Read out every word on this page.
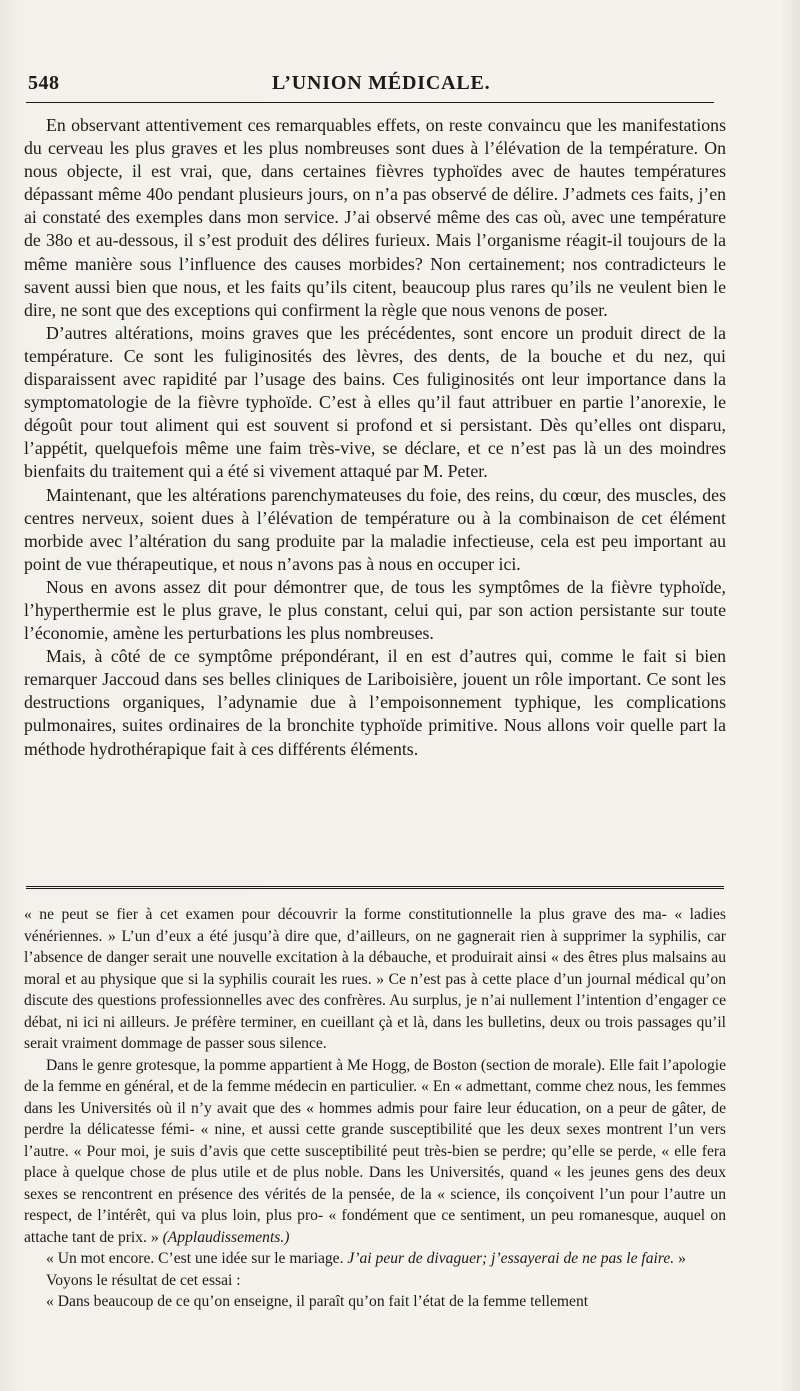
548	L’UNION MÉDICALE.

En observant attentivement ces remarquables effets, on reste convaincu que les manifestations du cerveau les plus graves et les plus nombreuses sont dues à l’élévation de la température. On nous objecte, il est vrai, que, dans certaines fièvres typhoïdes avec de hautes températures dépassant même 40o pendant plusieurs jours, on n’a pas observé de délire. J’admets ces faits, j’en ai constaté des exemples dans mon service. J’ai observé même des cas où, avec une température de 38o et au-dessous, il s’est produit des délires furieux. Mais l’organisme réagit-il toujours de la même manière sous l’influence des causes morbides? Non certainement; nos contradicteurs le savent aussi bien que nous, et les faits qu’ils citent, beaucoup plus rares qu’ils ne veulent bien le dire, ne sont que des exceptions qui confirment la règle que nous venons de poser.

D’autres altérations, moins graves que les précédentes, sont encore un produit direct de la température. Ce sont les fuliginosités des lèvres, des dents, de la bouche et du nez, qui disparaissent avec rapidité par l’usage des bains. Ces fuliginosités ont leur importance dans la symptomatologie de la fièvre typhoïde. C’est à elles qu’il faut attribuer en partie l’anorexie, le dégoût pour tout aliment qui est souvent si profond et si persistant. Dès qu’elles ont disparu, l’appétit, quelquefois même une faim très-vive, se déclare, et ce n’est pas là un des moindres bienfaits du traitement qui a été si vivement attaqué par M. Peter.

Maintenant, que les altérations parenchymateuses du foie, des reins, du cœur, des muscles, des centres nerveux, soient dues à l’élévation de température ou à la combinaison de cet élément morbide avec l’altération du sang produite par la maladie infectieuse, cela est peu important au point de vue thérapeutique, et nous n’avons pas à nous en occuper ici.

Nous en avons assez dit pour démontrer que, de tous les symptômes de la fièvre typhoïde, l’hyperthermie est le plus grave, le plus constant, celui qui, par son action persistante sur toute l’économie, amène les perturbations les plus nombreuses.

Mais, à côté de ce symptôme prépondérant, il en est d’autres qui, comme le fait si bien remarquer Jaccoud dans ses belles cliniques de Lariboisière, jouent un rôle important. Ce sont les destructions organiques, l’adynamie due à l’empoisonnement typhique, les complications pulmonaires, suites ordinaires de la bronchite typhoïde primitive. Nous allons voir quelle part la méthode hydrothérapique fait à ces différents éléments.

« ne peut se fier à cet examen pour découvrir la forme constitutionnelle la plus grave des ma- « ladies vénériennes. » L’un d’eux a été jusqu’à dire que, d’ailleurs, on ne gagnerait rien à supprimer la syphilis, car l’absence de danger serait une nouvelle excitation à la débauche, et produirait ainsi « des êtres plus malsains au moral et au physique que si la syphilis courait les rues. » Ce n’est pas à cette place d’un journal médical qu’on discute des questions professionnelles avec des confrères. Au surplus, je n’ai nullement l’intention d’engager ce débat, ni ici ni ailleurs. Je préfère terminer, en cueillant çà et là, dans les bulletins, deux ou trois passages qu’il serait vraiment dommage de passer sous silence.

Dans le genre grotesque, la pomme appartient à Me Hogg, de Boston (section de morale). Elle fait l’apologie de la femme en général, et de la femme médecin en particulier. « En « admettant, comme chez nous, les femmes dans les Universités où il n’y avait que des « hommes admis pour faire leur éducation, on a peur de gâter, de perdre la délicatesse fémi- « nine, et aussi cette grande susceptibilité que les deux sexes montrent l’un vers l’autre. « Pour moi, je suis d’avis que cette susceptibilité peut très-bien se perdre; qu’elle se perde, « elle fera place à quelque chose de plus utile et de plus noble. Dans les Universités, quand « les jeunes gens des deux sexes se rencontrent en présence des vérités de la pensée, de la « science, ils conçoivent l’un pour l’autre un respect, de l’intérêt, qui va plus loin, plus pro- « fondément que ce sentiment, un peu romanesque, auquel on attache tant de prix. » (Applaudissements.)

« Un mot encore. C’est une idée sur le mariage. J’ai peur de divaguer; j’essayerai de ne pas le faire. »

Voyons le résultat de cet essai :

« Dans beaucoup de ce qu’on enseigne, il paraît qu’on fait l’état de la femme tellement
